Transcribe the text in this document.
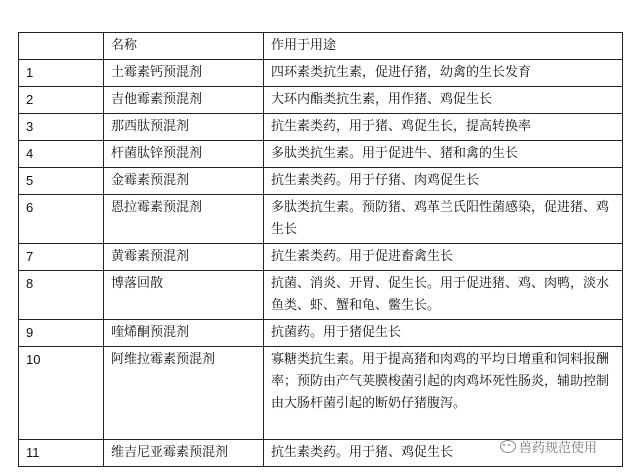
	名称	作用于用途
1	土霉素钙预混剂	四环素类抗生素，促进仔猪，幼禽的生长发育
2	吉他霉素预混剂	大环内酯类抗生素，用作猪、鸡促生长
3	那西肽预混剂	抗生素类药，用于猪、鸡促生长，提高转换率
4	杆菌肽锌预混剂	多肽类抗生素。用于促进牛、猪和禽的生长
5	金霉素预混剂	抗生素类药。用于仔猪、肉鸡促生长
6	恩拉霉素预混剂	多肽类抗生素。预防猪、鸡革兰氏阳性菌感染，促进猪、鸡生长
7	黄霉素预混剂	抗生素类药。用于促进畜禽生长
8	博落回散	抗菌、消炎、开胃、促生长。用于促进猪、鸡、肉鸭，淡水鱼类、虾、蟹和龟、鳖生长。
9	喹烯酮预混剂	抗菌药。用于猪促生长
10	阿维拉霉素预混剂	寡糖类抗生素。用于提高猪和肉鸡的平均日增重和饲料报酬率；预防由产气荚膜梭菌引起的肉鸡坏死性肠炎，辅助控制由大肠杆菌引起的断奶仔猪腹泻。
11	维吉尼亚霉素预混剂	抗生素类药。用于猪、鸡促生长	兽药规范使用
